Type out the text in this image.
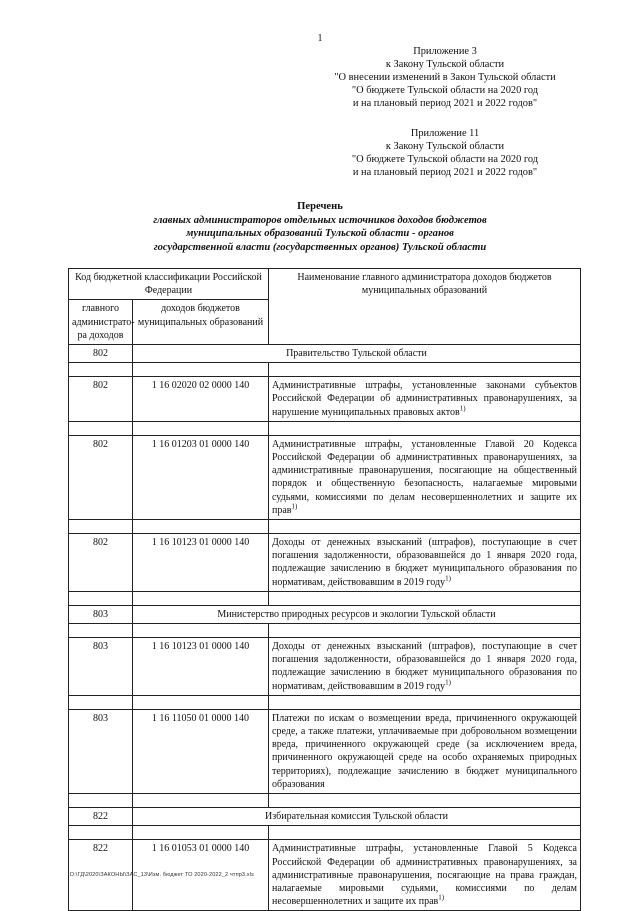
1
Приложение 3
к Закону Тульской области
"О внесении изменений в Закон Тульской области
"О бюджете Тульской области на 2020 год
и на плановый период 2021 и 2022 годов"
Приложение 11
к Закону Тульской области
"О бюджете Тульской области на 2020 год
и на плановый период 2021 и 2022 годов"
Перечень
главных администраторов отдельных источников доходов бюджетов
муниципальных образований Тульской области - органов
государственной власти (государственных органов) Тульской области
Код бюджетной классификации Российской Федерации		Наименование главного администратора доходов бюджетов муниципальных образований
главного администрато-ра доходов	доходов бюджетов муниципальных образований	
802	Правительство Тульской области	

802	1 16 02020 02 0000 140	Административные штрафы, установленные законами субъектов Российской Федерации об административных правонарушениях, за нарушение муниципальных правовых актов$^{1)}$

802	1 16 01203 01 0000 140	Административные штрафы, установленные Главой 20 Кодекса Российской Федерации об административных правонарушениях, за административные правонарушения, посягающие на общественный порядок и общественную безопасность, налагаемые мировыми судьями, комиссиями по делам несовершеннолетних и защите их прав$^{1)}$

802	1 16 10123 01 0000 140	Доходы от денежных взысканий (штрафов), поступающие в счет погашения задолженности, образовавшейся до 1 января 2020 года, подлежащие зачислению в бюджет муниципального образования по нормативам, действовавшим в 2019 году$^{1)}$

803	Министерство природных ресурсов и экологии Тульской области	

803	1 16 10123 01 0000 140	Доходы от денежных взысканий (штрафов), поступающие в счет погашения задолженности, образовавшейся до 1 января 2020 года, подлежащие зачислению в бюджет муниципального образования по нормативам, действовавшим в 2019 году$^{1)}$

803	1 16 11050 01 0000 140	Платежи по искам о возмещении вреда, причиненного окружающей среде, а также платежи, уплачиваемые при добровольном возмещении вреда, причиненного окружающей среде (за исключением вреда, причиненного окружающей среде на особо охраняемых природных территориях), подлежащие зачислению в бюджет муниципального образования

822	Избирательная комиссия Тульской области	

822	1 16 01053 01 0000 140	Административные штрафы, установленные Главой 5 Кодекса Российской Федерации об административных правонарушениях, за административные правонарушения, посягающие на права граждан, налагаемые мировыми судьями, комиссиями по делам несовершеннолетних и защите их прав$^{1)}$
D:\ГД\2020\ЗАКОНЫ\ЗАС_13\Изм. бюджет ТО 2020-2022_2 чтпр3.xls
